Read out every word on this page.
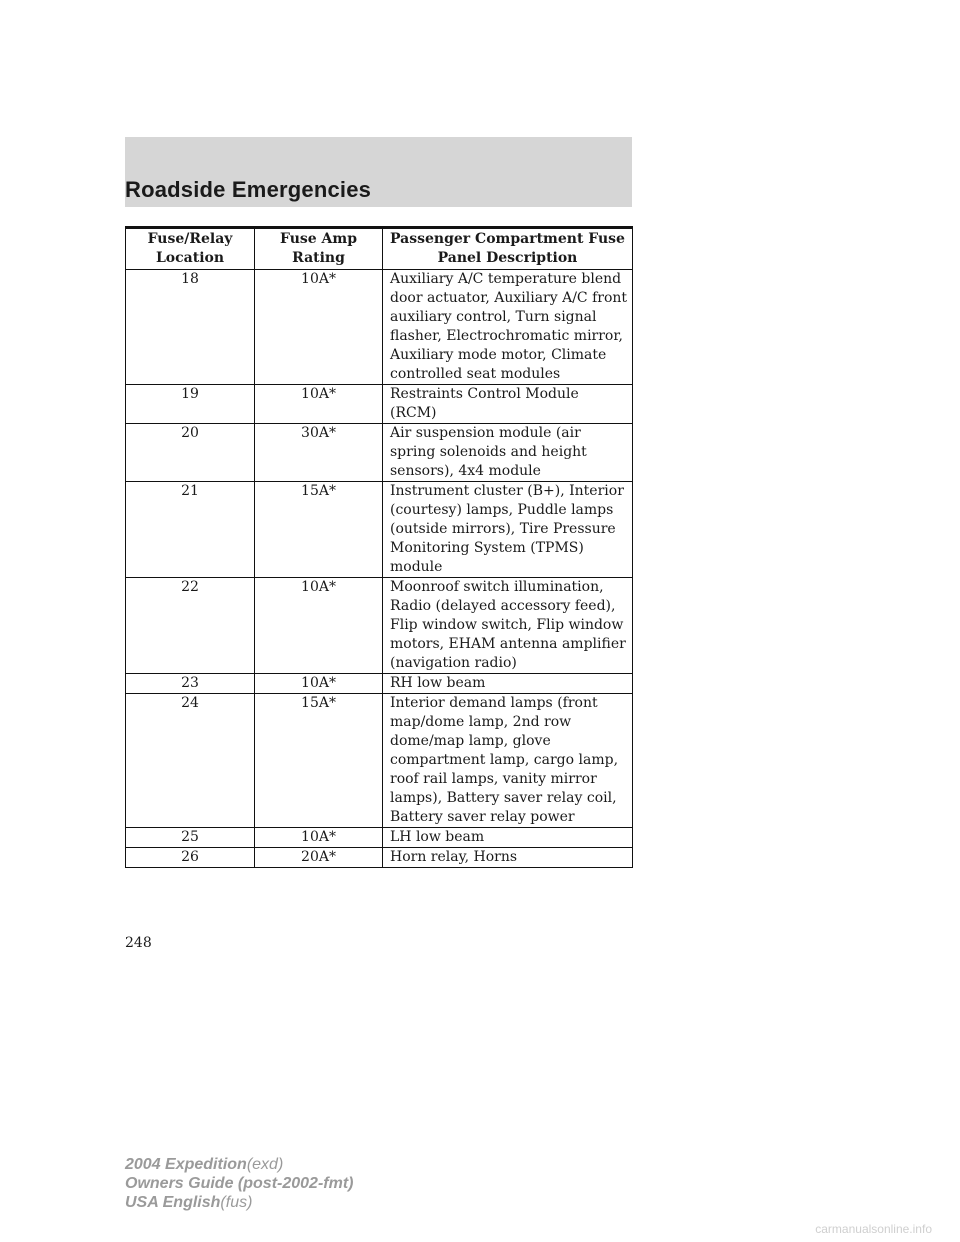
Roadside Emergencies
Fuse/Relay Location	Fuse Amp Rating	Passenger Compartment Fuse Panel Description
18	10A*	Auxiliary A/C temperature blend door actuator, Auxiliary A/C front auxiliary control, Turn signal flasher, Electrochromatic mirror, Auxiliary mode motor, Climate controlled seat modules
19	10A*	Restraints Control Module (RCM)
20	30A*	Air suspension module (air spring solenoids and height sensors), 4x4 module
21	15A*	Instrument cluster (B+), Interior (courtesy) lamps, Puddle lamps (outside mirrors), Tire Pressure Monitoring System (TPMS) module
22	10A*	Moonroof switch illumination, Radio (delayed accessory feed), Flip window switch, Flip window motors, EHAM antenna amplifier (navigation radio)
23	10A*	RH low beam
24	15A*	Interior demand lamps (front map/dome lamp, 2nd row dome/map lamp, glove compartment lamp, cargo lamp, roof rail lamps, vanity mirror lamps), Battery saver relay coil, Battery saver relay power
25	10A*	LH low beam
26	20A*	Horn relay, Horns
248
2004 Expedition(exd)
Owners Guide (post-2002-fmt)
USA English(fus)
carmanualsonline.info
